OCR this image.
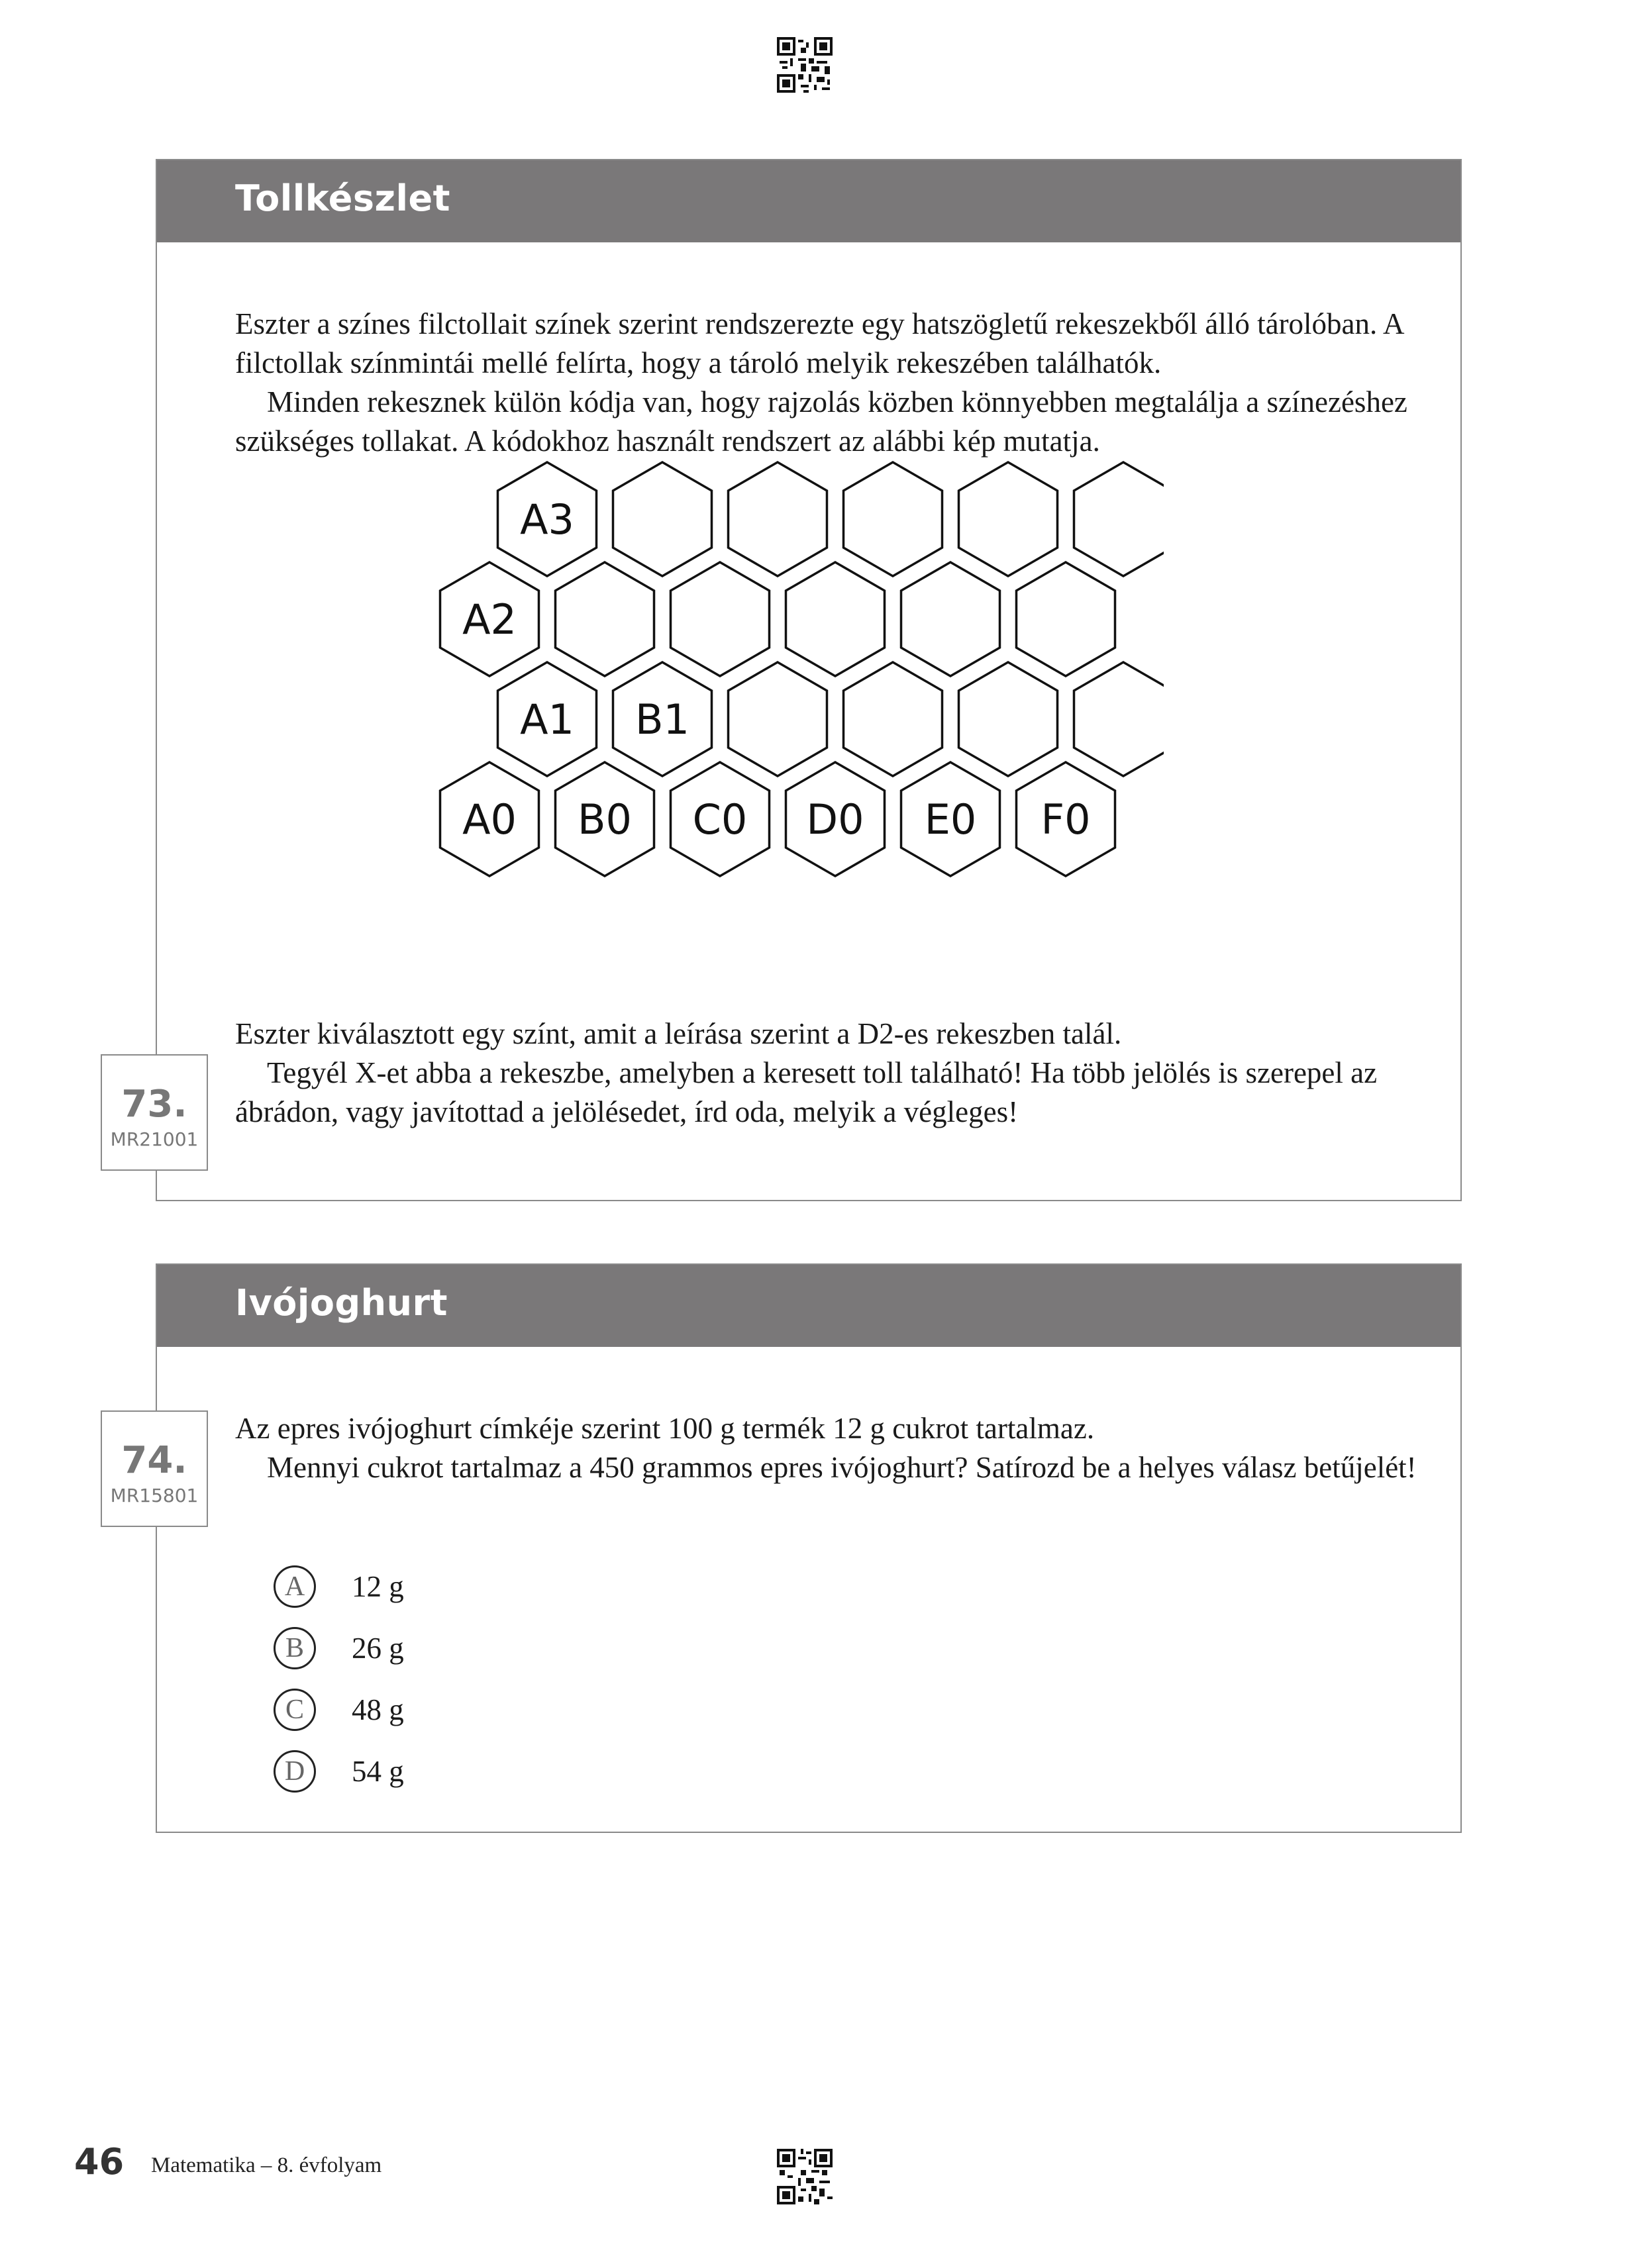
Tollkészlet

Eszter a színes filctollait színek szerint rendszerezte egy hatszögletű rekeszekből álló tárolóban. A filctollak színmintái mellé felírta, hogy a tároló melyik rekeszében találhatók.

Minden rekesznek külön kódja van, hogy rajzolás közben könnyebben megtalálja a színezéshez szükséges tollakat. A kódokhoz használt rendszert az alábbi kép mutatja.

A3
A2
A1 B1
A0 B0 C0 D0 E0 F0

Eszter kiválasztott egy színt, amit a leírása szerint a D2-es rekeszben talál.

Tegyél X-et abba a rekeszbe, amelyben a keresett toll található! Ha több jelölés is szerepel az ábrádon, vagy javítottad a jelölésedet, írd oda, melyik a végleges!

73.
MR21001
Ivójoghurt

Az epres ivójoghurt címkéje szerint 100 g termék 12 g cukrot tartalmaz.

Mennyi cukrot tartalmaz a 450 grammos epres ivójoghurt? Satírozd be a helyes válasz betűjelét!

A	12 g
B	26 g
C	48 g
D	54 g
74.
MR15801
46 Matematika – 8. évfolyam
